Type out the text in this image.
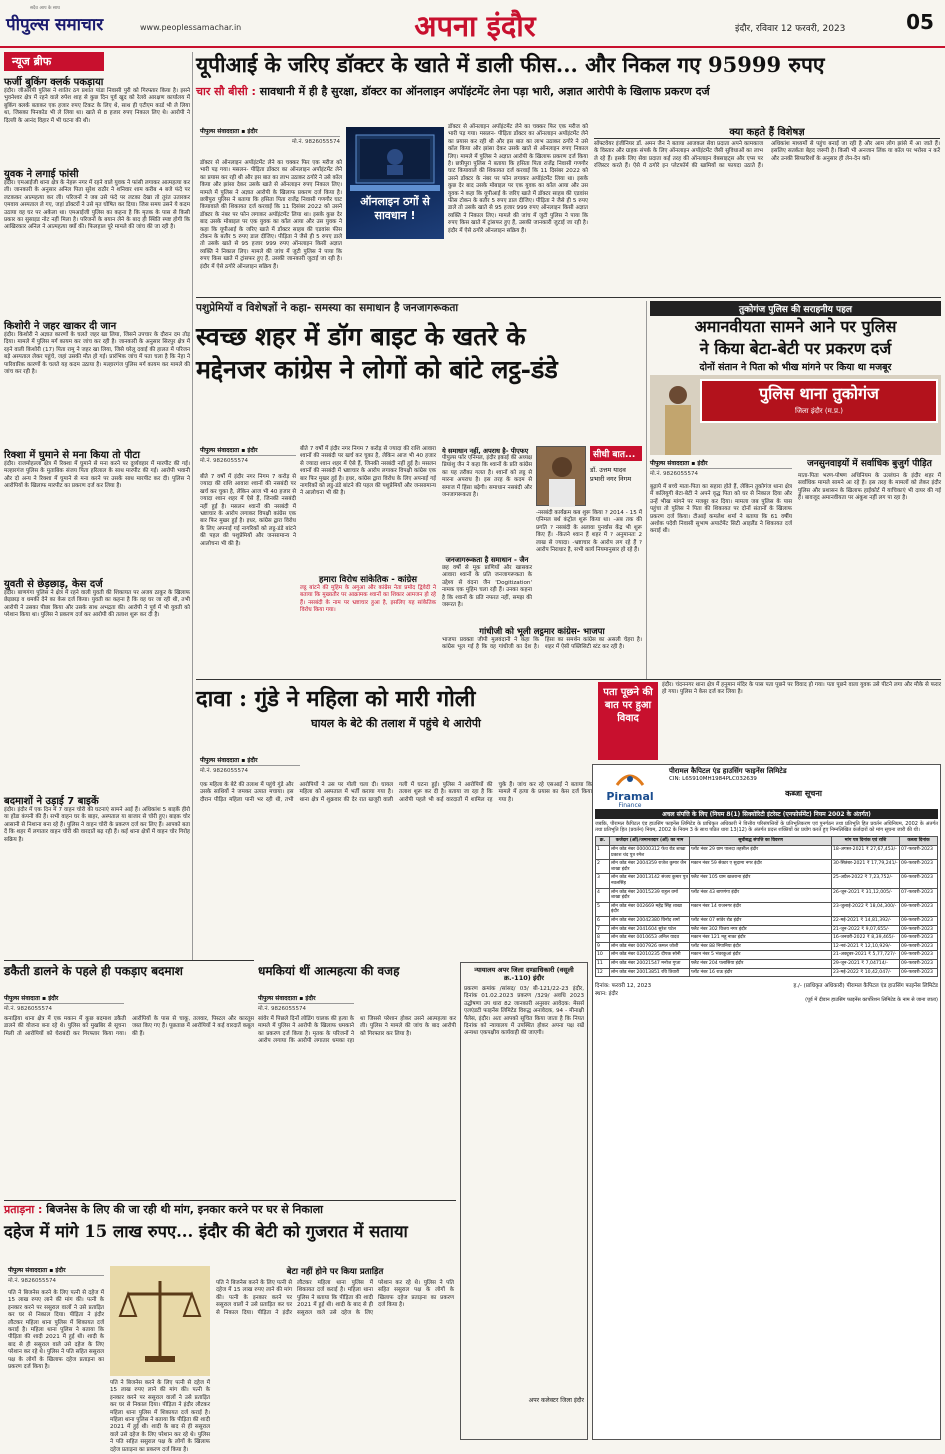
पीपुल्स समाचार
सदैव आप के साथ
www.peoplessamachar.in	अपना इंदौर	इंदौर, रविवार 12 फरवरी, 2023	05
न्यूज ब्रीफ
फर्जी बुकिंग क्लर्क पकड़ाया
इंदौर। जीआरपी पुलिस ने शातिर ठग प्रशांत पांडा निवासी पुरी को गिरफ्तार किया है। इसने भुवनेश्वर क्षेत्र में रहने वाले रुपेश शाह से कुछ दिन पूर्व खुद को रेलवे आरक्षण कार्यालय में बुकिंग क्लर्क बताकर एक हजार रुपए टिकट के लिए थे, साथ ही एटीएम कार्ड भी ले लिया था, जिसका पिनकोड भी ले लिया था। खाते से 8 हजार रुपए निकाल लिए थे। आरोपी ने दिल्ली के आनंद विहार में भी घटना की थी।
युवक ने लगाई फांसी
इंदौर। एमआईजी थाना क्षेत्र के नेहरू नगर में रहने वाले युवक ने फांसी लगाकर आत्महत्या कर ली। जानकारी के अनुसार अनिल पिता सुरेश राठौर ने शनिवार शाम करीब 4 बजे फंदे पर लटककर आत्महत्या कर ली। परिजनों ने जब उसे फंदे पर लटका देखा तो तुरंत उतारकर एमवाय अस्पताल ले गए, जहां डॉक्टरों ने उसे मृत घोषित कर दिया। जिस समय उसने ये कदम उठाया वह घर पर अकेला था। एमआईजी पुलिस का कहना है कि मृतक के पास से किसी प्रकार का सुसाइड नोट नहीं मिला है। परिजनों के बयान लेने के बाद ही स्थिति स्पष्ट होगी कि आखिरकार अनिल ने आत्महत्या क्यों की। फिलहाल पूरे मामले की जांच की जा रही है।
किशोरी ने जहर खाकर दी जान
इंदौर। किशोरी ने अज्ञात कारणों के चलते जहर खा लिया, जिसने उपचार के दौरान दम तोड़ दिया। मामले में पुलिस मर्ग कायम कर जांच कर रही है। जानकारी के अनुसार सिरपुर क्षेत्र में रहने वाली किशोरी (17) पिता रामू ने जहर खा लिया, जिसे घरेलू दवाई की हालत में परिजन बड़े अस्पताल लेकर पहुंचे, जहां उसकी मौत हो गई। प्रारंभिक जांच में पता चला है कि नेहा ने पारिवारिक कारणों के चलते यह कदम उठाया है। मल्हारगंज पुलिस मर्ग कायम कर मामले की जांच कर रही है।
रिक्शा में घुमाने से मना किया तो पीटा
इंदौर। राजमोहल्ला क्षेत्र में रिक्शा में घुमाने से मना करने पर दुर्व्यवहार में मारपीट की गई। मल्हारगंज पुलिस के मुताबिक संजय पिता हरिलाल के साथ मारपीट की गई। आरोपी भवानी और दो अन्य ने रिक्शा में घुमाने से मना करने पर उसके साथ मारपीट कर दी। पुलिस ने आरोपियों के खिलाफ मारपीट का प्रकरण दर्ज कर लिया है।
युवती से छेड़छाड़, केस दर्ज
इंदौर। बाणगंगा पुलिस ने क्षेत्र में रहने वाली युवती की शिकायत पर अजय ठाकुर के खिलाफ छेड़छाड़ व धमकी देने का केस दर्ज किया। युवती का कहना है कि वह घर जा रही थी, तभी आरोपी ने उसका पीछा किया और उसके साथ अभद्रता की। आरोपी ने पूर्व में भी युवती को परेशान किया था। पुलिस ने प्रकरण दर्ज कर आरोपी की तलाश शुरू कर दी है।
बदमाशों ने उड़ाई 7 बाइकें
इंदौर। इंदौर में एक दिन में 7 वाहन चोरी की घटनाएं सामने आई हैं। अधिकांश 5 बाइकें हीरो या होंडा कंपनी की हैं। सभी वाहन घर के बाहर, अस्पताल या बाजार से चोरी हुए। बाइक चोर आसानी से निशाना बना रहे हैं। पुलिस ने वाहन चोरी के प्रकरण दर्ज कर लिए हैं। आपको बता दें कि शहर में लगातार वाहन चोरी की वारदातें बढ़ रही हैं। कई थाना क्षेत्रों में वाहन चोर गिरोह सक्रिय है।
यूपीआई के जरिए डॉक्टर के खाते में डाली फीस... और निकल गए 95999 रुपए
चार सौ बीसी : सावधानी में ही है सुरक्षा, डॉक्टर का ऑनलाइन अपॉइंटमेंट लेना पड़ा भारी, अज्ञात आरोपी के खिलाफ प्रकरण दर्ज
पीपुल्स संवाददाता ▪ इंदौर
मो.नं. 9826055574
ऑनलाइन ठगों से सावधान !
डॉक्टर से ऑनलाइन अपॉइंटमेंट लेने का चक्कर फिर एक मरीज को भारी पड़ गया। मसलन- पीड़िता डॉक्टर का ऑनलाइन अपॉइंटमेंट लेने का प्रयास कर रही थी और इस बात का लाभ उठाकर ठगोरे ने उसे कॉल किया और झांसा देकर उसके खाते से ऑनलाइन रुपए निकाल लिए। मामले में पुलिस ने अज्ञात आरोपी के खिलाफ प्रकरण दर्ज किया है। छत्रीपुरा पुलिस ने बताया कि हसिता पिता राजेंद्र निवासी गणगौर घाट कियावाले की शिकायत दर्ज करवाई कि 11 दिसंबर 2022 को उसने डॉक्टर के नंबर पर फोन लगाकर अपॉइंटमेंट लिया था। इसके कुछ देर बाद उसके मोबाइल पर एक युवक का कॉल आया और उस युवक ने कहा कि यूपीआई के जरिए खाते में डॉक्टर साहब की एडवांस फीस टोकन के बतौर 5 रुपए डाल दीजिए। पीड़िता ने जैसे ही 5 रुपए डाले तो उसके खाते से 95 हजार 999 रुपए ऑनलाइन किसी अज्ञात व्यक्ति ने निकाल लिए। मामले की जांच में जुटी पुलिस ने पाया कि रुपए किस खाते में ट्रांसफर हुए हैं, उसकी जानकारी जुटाई जा रही है। इंदौर में ऐसे ठगोरे ऑनलाइन सक्रिय हैं।
डॉक्टर से ऑनलाइन अपॉइंटमेंट लेने का चक्कर फिर एक मरीज को भारी पड़ गया। मसलन- पीड़िता डॉक्टर का ऑनलाइन अपॉइंटमेंट लेने का प्रयास कर रही थी और इस बात का लाभ उठाकर ठगोरे ने उसे कॉल किया और झांसा देकर उसके खाते से ऑनलाइन रुपए निकाल लिए। मामले में पुलिस ने अज्ञात आरोपी के खिलाफ प्रकरण दर्ज किया है। छत्रीपुरा पुलिस ने बताया कि हसिता पिता राजेंद्र निवासी गणगौर घाट कियावाले की शिकायत दर्ज करवाई कि 11 दिसंबर 2022 को उसने डॉक्टर के नंबर पर फोन लगाकर अपॉइंटमेंट लिया था। इसके कुछ देर बाद उसके मोबाइल पर एक युवक का कॉल आया और उस युवक ने कहा कि यूपीआई के जरिए खाते में डॉक्टर साहब की एडवांस फीस टोकन के बतौर 5 रुपए डाल दीजिए। पीड़िता ने जैसे ही 5 रुपए डाले तो उसके खाते से 95 हजार 999 रुपए ऑनलाइन किसी अज्ञात व्यक्ति ने निकाल लिए। मामले की जांच में जुटी पुलिस ने पाया कि रुपए किस खाते में ट्रांसफर हुए हैं, उसकी जानकारी जुटाई जा रही है। इंदौर में ऐसे ठगोरे ऑनलाइन सक्रिय हैं।
क्या कहते हैं विशेषज्ञ
सॉफ्टवेयर इंजीनियर डॉ. अमन जैन ने बताया आजकल सेवा प्रदाता अपने कामकाज के विस्तार और ग्राहक संपर्क के लिए ऑनलाइन अपॉइंटमेंट जैसी सुविधाओं का लाभ ले रहे हैं। इसके लिए सेवा प्रदाता कई तरह की ऑनलाइन वेबसाइट्स और एप्स पर रजिस्टर करते हैं। ऐसे में ठगोरे इन प्लेटफॉर्म की खामियों का फायदा उठाते हैं। अधिकांश माध्यमों से पहुंच बनाई जा रही है और आम लोग झांसे में आ जाते हैं। इसलिए सतर्कता बेहद जरूरी है। किसी भी अनजान लिंक या कॉल पर भरोसा न करें और उनकी सिफारिशों के अनुसार ही लेन-देन करें।
पशुप्रेमियों व विशेषज्ञों ने कहा- समस्या का समाधान है जनजागरूकता
स्वच्छ शहर में डॉग बाइट के खतरे के
मद्देनजर कांग्रेस ने लोगों को बांटे लट्ठ-डंडे
पीपुल्स संवाददाता ▪ इंदौर
मो.नं. 9826055574
बीते 7 वर्षों में इंदौर नगर निगम 7 करोड़ से ज्यादा की राशि आवारा श्वानों की नसबंदी पर खर्च कर चुका है, लेकिन आज भी 40 हजार से ज्यादा श्वान शहर में ऐसे हैं, जिनकी नसबंदी नहीं हुई है। मसलन श्वानों की नसबंदी में भ्रष्टाचार के आरोप लगाकर विपक्षी कांग्रेस एक बार फिर मुखर हुई है। इधर, कांग्रेस द्वारा विरोध के लिए अपनाई गई नागरिकों को लट्ठ-डंडे बांटने की पहल की पशुप्रेमियों और जनसामान्य ने आलोचना भी की है।
बीते 7 वर्षों में इंदौर नगर निगम 7 करोड़ से ज्यादा की राशि आवारा श्वानों की नसबंदी पर खर्च कर चुका है, लेकिन आज भी 40 हजार से ज्यादा श्वान शहर में ऐसे हैं, जिनकी नसबंदी नहीं हुई है। मसलन श्वानों की नसबंदी में भ्रष्टाचार के आरोप लगाकर विपक्षी कांग्रेस एक बार फिर मुखर हुई है। इधर, कांग्रेस द्वारा विरोध के लिए अपनाई गई नागरिकों को लट्ठ-डंडे बांटने की पहल की पशुप्रेमियों और जनसामान्य ने आलोचना भी की है।
हमारा विरोध सांकेतिक - कांग्रेस
लट्ठ बांटने की मुहिम के अगुआ और कांग्रेस नेता प्रमोद द्विवेदी ने बताया कि मुख्यतौर पर आक्रामक श्वानों का शिकार आमजन हो रहे हैं। नसबंदी के नाम पर भ्रष्टाचार हुआ है, इसलिए यह सांकेतिक विरोध किया गया।
ये समाधान नहीं, अपराध है- पीएफए
पीपुल्स फॉर एनिमल, इंदौर इकाई की अध्यक्ष प्रियांशु जैन ने कहा कि श्वानों के प्रति कांग्रेस का यह तरीका गलत है। श्वानों को लट्ठ से मारना अपराध है। इस तरह के कदम से समाज में हिंसा बढ़ेगी। समाधान नसबंदी और जनजागरूकता है।
जनजागरूकता है समाधान - जैन
छह वर्षों से मूक प्राणियों और खासकर आवारा श्वानों के प्रति जनजागरूकता के उद्देश्य से वंदना जैन 'Dogitization' नामक एक मुहिम चला रही हैं। उनका कहना है कि श्वानों के प्रति नफरत नहीं, समझ की जरूरत है।
गांधीजी को भूली लट्ठमार कांग्रेस- भाजपा
भाजपा प्रवक्ता जीपी मुलवंदानी ने कहा कि कांग्रेस भूल गई है कि वह गांधीजी का देश है। हिंसा का समर्थन कांग्रेस का असली चेहरा है। शहर में ऐसी पब्लिसिटी स्टंट कर रही है।
सीधी बात...
डॉ. उत्तम यादव
प्रभारी नगर निगम
-नसबंदी कार्यक्रम कब शुरू किया ? 2014 - 15 में एनिमल बर्थ कंट्रोल शुरू किया था। -अब तक की प्रगति ? नसबंदी के अलावा पुनर्वास केंद्र भी शुरू किए हैं। -कितने श्वान हैं शहर में ? अनुमानतः 2 लाख से ज्यादा। -भ्रष्टाचार के आरोप लग रहे हैं ? आरोप निराधार है, सभी कार्य नियमानुसार हो रहे हैं।
तुकोगंज पुलिस की सराहनीय पहल
अमानवीयता सामने आने पर पुलिस
ने किया बेटा-बेटी पर प्रकरण दर्ज
दोनों संतान ने पिता को भीख मांगने पर किया था मजबूर
पुलिस थाना तुकोगंज
जिला इंदौर (म.प्र.)
पीपुल्स संवाददाता ▪ इंदौर
मो.नं. 9826055574
बुढ़ापे में बच्चे माता-पिता का सहारा होते हैं, लेकिन तुकोगंज थाना क्षेत्र में कलियुगी बेटा-बेटी ने अपने वृद्ध पिता को घर से निकाल दिया और उन्हें भीख मांगने पर मजबूर कर दिया। मामला जब पुलिस के पास पहुंचा तो पुलिस ने पिता की शिकायत पर दोनों संतानों के खिलाफ प्रकरण दर्ज किया। टीआई कमलेश शर्मा ने बताया कि 61 वर्षीय अशोक पदेवी निवासी सुभाष अपार्टमेंट सिटी आइलैंड ने शिकायत दर्ज कराई थी।
जनसुनवाइयों में सर्वाधिक बुजुर्ग पीड़ित
माता-पिता भरण-पोषण अधिनियम के उल्लंघन के इंदौर शहर में सर्वाधिक मामले सामने आ रहे हैं। इस तरह के मामलों को लेकर इंदौर पुलिस और प्रशासन के खिलाफ हाईकोर्ट में याचिकाएं भी दायर की गई हैं। बावजूद अमानवीयता पर अंकुश नहीं लग पा रहा है।
दावा : गुंडे ने महिला को मारी गोली
घायल के बेटे की तलाश में पहुंचे थे आरोपी
पीपुल्स संवाददाता ▪ इंदौर
मो.नं. 9826055574
एक महिला के बेटे की तलाश में पहुंचे गुंडे और उसके साथियों ने जमकर उत्पात मचाया। इस दौरान पीड़ित महिला पानी भर रही थी, तभी आरोपियों ने उस पर गोली चला दी। घायल महिला को अस्पताल में भर्ती कराया गया है। थाना क्षेत्र में शुक्रवार की देर रात खजूरी वाली गली में घटना हुई। पुलिस ने आरोपियों की तलाश शुरू कर दी है। बताया जा रहा है कि आरोपी पहले भी कई वारदातों में शामिल रह चुके हैं। जांच कर रहे एसआई ने बताया कि मामले में हत्या के प्रयास का केस दर्ज किया गया है।
पता पूछने की बात पर हुआ विवाद
इंदौर। चंदननगर थाना क्षेत्र में हनुमान मंदिर के पास पता पूछने पर विवाद हो गया। पता पूछने वाला युवक उसे पीटने लगा और मौके से फरार हो गया। पुलिस ने केस दर्ज कर लिया है।
डकैती डालने के पहले ही पकड़ाए बदमाश
पीपुल्स संवादाता ▪ इंदौर
मो.नं. 9826055574
कनाड़िया थाना क्षेत्र में एक मकान में कुछ बदमाश डकैती डालने की योजना बना रहे थे। पुलिस को मुखबिर से सूचना मिली तो आरोपियों को घेराबंदी कर गिरफ्तार किया गया। आरोपियों के पास से चाकू, तलवार, पिस्टल और कारतूस जब्त किए गए हैं। पूछताछ में आरोपियों ने कई वारदातें कबूल की हैं।
धमकियां थीं आत्महत्या की वजह
पीपुल्स संवाददाता ▪ इंदौर
मो.नं. 9826055574
सांवेर में पिछले दिनों लोडिंग चालक की हत्या के मामले में पुलिस ने आरोपी के खिलाफ धमकाने का प्रकरण दर्ज किया है। मृतक के परिजनों ने आरोप लगाया कि आरोपी लगातार धमका रहा था जिससे परेशान होकर उसने आत्महत्या कर ली। पुलिस ने मामले की जांच के बाद आरोपी को गिरफ्तार कर लिया है।
न्यायालय अपर जिला दण्डाधिकारी (वसूली क्र.-110) इंदौर
प्रकरण क्रमांक /सांसद/ 03/ बी-121/22-23 इंदौर, दिनांक 01.02.2023 प्रकरण /329/ अवधि 2023 उद्घोषणा उप धारा 82 जानकारी अनुसार आवेदक: मेसर्स एलएंडटी फाइनेंस लिमिटेड विरुद्ध अनावेदक, 94 - मीनाक्षी पैलेस, इंदौर। अतः आपको सूचित किया जाता है कि नियत दिनांक को न्यायालय में उपस्थित होकर अपना पक्ष रखें अन्यथा एकपक्षीय कार्यवाही की जाएगी।
अपर कलेक्टर जिला इंदौर
Piramal
Finance
पीरामल कैपिटल एंड हाउसिंग फाइनेंस लिमिटेड
CIN: L65910MH1984PLC032639
कब्जा सूचना
अचल संपत्ति के लिए (नियम 8(1) सिक्योरिटी इंटरेस्ट (एनफोर्समेंट) नियम 2002 के अंतर्गत)
जबकि, पीरामल कैपिटल एंड हाउसिंग फाइनेंस लिमिटेड के प्राधिकृत अधिकारी ने वित्तीय परिसंपत्तियों के प्रतिभूतिकरण एवं पुनर्गठन तथा प्रतिभूति हित प्रवर्तन अधिनियम, 2002 के अंतर्गत तथा प्रतिभूति हित (प्रवर्तन) नियम, 2002 के नियम 3 के साथ पठित धारा 13(12) के अंतर्गत प्रदत्त शक्तियों का प्रयोग करते हुए निम्नलिखित कर्जदारों को मांग सूचना जारी की थी।
क्र.	कर्जदार (ओं)/जमानतदार (ओं) का नाम	सूचीबद्ध संपत्ति का विवरण	मांग पत्र दिनांक एवं राशि	कब्जा दिनांक
1	लोन कोड नंबर 00000312 फेथ रोड शाखा प्रकाश चंद पुत्र रमेश	प्लॉट नंबर 29 ग्राम पालदा तहसील इंदौर	18-अगस्त-2021 ₹ 27,67,453/-	07-फरवरी-2023
2	लोन कोड नंबर 2004359 राजेश कुमार जैन शाखा इंदौर	मकान नंबर 59 सेक्टर ए सुदामा नगर इंदौर	30-सितंबर-2021 ₹ 17,79,241/-	09-फरवरी-2023
3	लोन कोड नंबर 20013142 संजय कुमार पुत्र नवलसिंह	फ्लैट नंबर 105 ग्राम खजराना इंदौर	25-अप्रैल-2022 ₹ 7,23,752/-	09-फरवरी-2023
4	लोन कोड नंबर 20015239 राहुल वर्मा शाखा इंदौर	प्लॉट नंबर 43 बाणगंगा इंदौर	26-जून-2021 ₹ 31,12,005/-	07-फरवरी-2023
5	लोन कोड नंबर 002669 महेंद्र सिंह शाखा इंदौर	मकान नंबर 14 राजनगर इंदौर	23-जुलाई-2022 ₹ 18,04,300/-	09-फरवरी-2023
6	लोन कोड नंबर 20042380 विनोद शर्मा	प्लॉट नंबर 07 सांवेर रोड इंदौर	22-मई-2021 ₹ 14,81,392/-	09-फरवरी-2023
7	लोन कोड नंबर 2041604 सुरेश पटेल	फ्लैट नंबर 302 विजय नगर इंदौर	21-जून-2022 ₹ 9,07,655/-	09-फरवरी-2023
8	लोन कोड नंबर 0010653 अनिल यादव	मकान नंबर 121 महू नाका इंदौर	16-जनवरी-2022 ₹ 8,39,465/-	09-फरवरी-2023
9	लोन कोड नंबर 0007926 कमल जोशी	प्लॉट नंबर 88 निपानिया इंदौर	12-नवं-2021 ₹ 12,10,929/-	09-फरवरी-2023
10	लोन कोड नंबर 02010235 दीपक सोनी	मकान नंबर 5 भंवरकुआं इंदौर	21-अक्टूबर-2021 ₹ 5,77,727/-	09-फरवरी-2023
11	लोन कोड नंबर 20021547 मनोज गुप्ता	फ्लैट नंबर 204 पलासिया इंदौर	29-जून-2021 ₹ 7,04714/-	09-फरवरी-2023
12	लोन कोड नंबर 20013851 रवि तिवारी	प्लॉट नंबर 16 राऊ इंदौर	23-मई-2022 ₹ 10,42,047/-	09-फरवरी-2023
दिनांक: फरवरी 12, 2023
स्थान: इंदौर
ह./- (प्राधिकृत अधिकारी) पीरामल कैपिटल एंड हाउसिंग फाइनेंस लिमिटेड
(पूर्व में दीवान हाउसिंग फाइनेंस कार्पोरेशन लिमिटेड के नाम से जाना जाता)
प्रताड़ना : बिजनेस के लिए की जा रही थी मांग, इनकार करने पर घर से निकाला
दहेज में मांगे 15 लाख रुपए... इंदौर की बेटी को गुजरात में सताया
पीपुल्स संवाददाता ▪ इंदौर
मो.नं. 9826055574
पति ने बिजनेस करने के लिए पत्नी से दहेज में 15 लाख रुपए लाने की मांग की। पत्नी के इनकार करने पर ससुराल वालों ने उसे प्रताड़ित कर घर से निकाल दिया। पीड़िता ने इंदौर लौटकर महिला थाना पुलिस में शिकायत दर्ज कराई है। महिला थाना पुलिस ने बताया कि पीड़िता की शादी 2021 में हुई थी। शादी के बाद से ही ससुराल वाले उसे दहेज के लिए परेशान कर रहे थे। पुलिस ने पति सहित ससुराल पक्ष के लोगों के खिलाफ दहेज प्रताड़ना का प्रकरण दर्ज किया है।
पति ने बिजनेस करने के लिए पत्नी से दहेज में 15 लाख रुपए लाने की मांग की। पत्नी के इनकार करने पर ससुराल वालों ने उसे प्रताड़ित कर घर से निकाल दिया। पीड़िता ने इंदौर लौटकर महिला थाना पुलिस में शिकायत दर्ज कराई है। महिला थाना पुलिस ने बताया कि पीड़िता की शादी 2021 में हुई थी। शादी के बाद से ही ससुराल वाले उसे दहेज के लिए परेशान कर रहे थे। पुलिस ने पति सहित ससुराल पक्ष के लोगों के खिलाफ दहेज प्रताड़ना का प्रकरण दर्ज किया है।
बेटा नहीं होने पर किया प्रताड़ित
पति ने बिजनेस करने के लिए पत्नी से दहेज में 15 लाख रुपए लाने की मांग की। पत्नी के इनकार करने पर ससुराल वालों ने उसे प्रताड़ित कर घर से निकाल दिया। पीड़िता ने इंदौर लौटकर महिला थाना पुलिस में शिकायत दर्ज कराई है। महिला थाना पुलिस ने बताया कि पीड़िता की शादी 2021 में हुई थी। शादी के बाद से ही ससुराल वाले उसे दहेज के लिए परेशान कर रहे थे। पुलिस ने पति सहित ससुराल पक्ष के लोगों के खिलाफ दहेज प्रताड़ना का प्रकरण दर्ज किया है।
